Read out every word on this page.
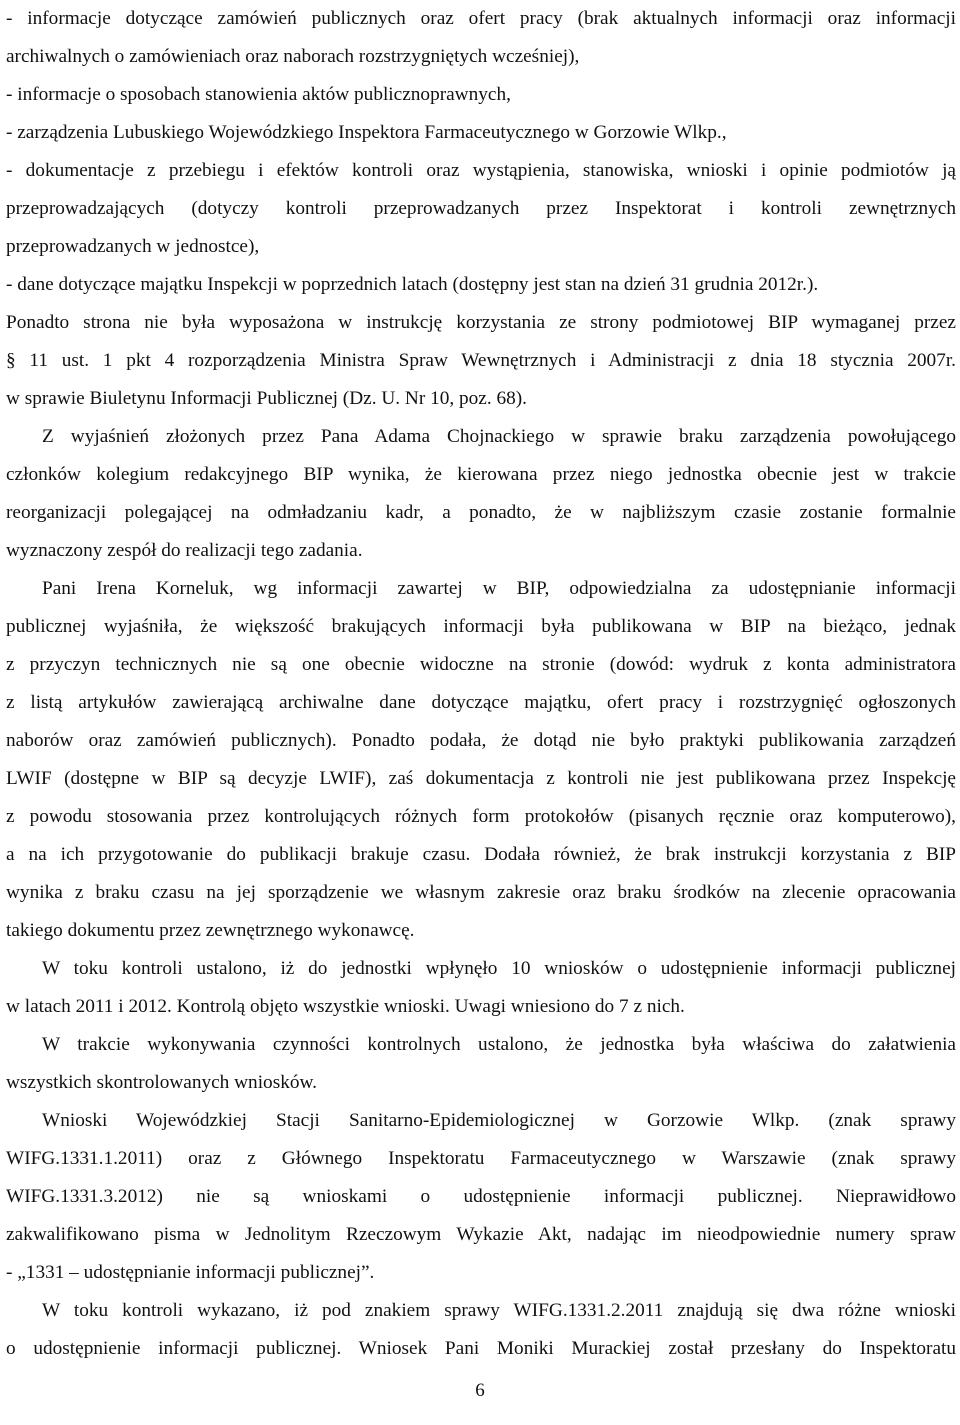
- informacje dotyczące zamówień publicznych oraz ofert pracy (brak aktualnych informacji oraz informacji
archiwalnych o zamówieniach oraz naborach rozstrzygniętych wcześniej),
- informacje o sposobach stanowienia aktów publicznoprawnych,
- zarządzenia Lubuskiego Wojewódzkiego Inspektora Farmaceutycznego w Gorzowie Wlkp.,
- dokumentacje z przebiegu i efektów kontroli oraz wystąpienia, stanowiska, wnioski i opinie podmiotów ją
przeprowadzających (dotyczy kontroli przeprowadzanych przez Inspektorat i kontroli zewnętrznych
przeprowadzanych w jednostce),
- dane dotyczące majątku Inspekcji w poprzednich latach (dostępny jest stan na dzień 31 grudnia 2012r.).
Ponadto strona nie była wyposażona w instrukcję korzystania ze strony podmiotowej BIP wymaganej przez
§ 11 ust. 1 pkt 4 rozporządzenia Ministra Spraw Wewnętrznych i Administracji z dnia 18 stycznia 2007r.
w sprawie Biuletynu Informacji Publicznej (Dz. U. Nr 10, poz. 68).
Z wyjaśnień złożonych przez Pana Adama Chojnackiego w sprawie braku zarządzenia powołującego
członków kolegium redakcyjnego BIP wynika, że kierowana przez niego jednostka obecnie jest w trakcie
reorganizacji polegającej na odmładzaniu kadr, a ponadto, że w najbliższym czasie zostanie formalnie
wyznaczony zespół do realizacji tego zadania.
Pani Irena Korneluk, wg informacji zawartej w BIP, odpowiedzialna za udostępnianie informacji
publicznej wyjaśniła, że większość brakujących informacji była publikowana w BIP na bieżąco, jednak
z przyczyn technicznych nie są one obecnie widoczne na stronie (dowód: wydruk z konta administratora
z listą artykułów zawierającą archiwalne dane dotyczące majątku, ofert pracy i rozstrzygnięć ogłoszonych
naborów oraz zamówień publicznych). Ponadto podała, że dotąd nie było praktyki publikowania zarządzeń
LWIF (dostępne w BIP są decyzje LWIF), zaś dokumentacja z kontroli nie jest publikowana przez Inspekcję
z powodu stosowania przez kontrolujących różnych form protokołów (pisanych ręcznie oraz komputerowo),
a na ich przygotowanie do publikacji brakuje czasu. Dodała również, że brak instrukcji korzystania z BIP
wynika z braku czasu na jej sporządzenie we własnym zakresie oraz braku środków na zlecenie opracowania
takiego dokumentu przez zewnętrznego wykonawcę.
W toku kontroli ustalono, iż do jednostki wpłynęło 10 wniosków o udostępnienie informacji publicznej
w latach 2011 i 2012. Kontrolą objęto wszystkie wnioski. Uwagi wniesiono do 7 z nich.
W trakcie wykonywania czynności kontrolnych ustalono, że jednostka była właściwa do załatwienia
wszystkich skontrolowanych wniosków.
Wnioski Wojewódzkiej Stacji Sanitarno-Epidemiologicznej w Gorzowie Wlkp. (znak sprawy
WIFG.1331.1.2011) oraz z Głównego Inspektoratu Farmaceutycznego w Warszawie (znak sprawy
WIFG.1331.3.2012) nie są wnioskami o udostępnienie informacji publicznej. Nieprawidłowo
zakwalifikowano pisma w Jednolitym Rzeczowym Wykazie Akt, nadając im nieodpowiednie numery spraw
- „1331 – udostępnianie informacji publicznej”.
W toku kontroli wykazano, iż pod znakiem sprawy WIFG.1331.2.2011 znajdują się dwa różne wnioski
o udostępnienie informacji publicznej. Wniosek Pani Moniki Murackiej został przesłany do Inspektoratu
6
